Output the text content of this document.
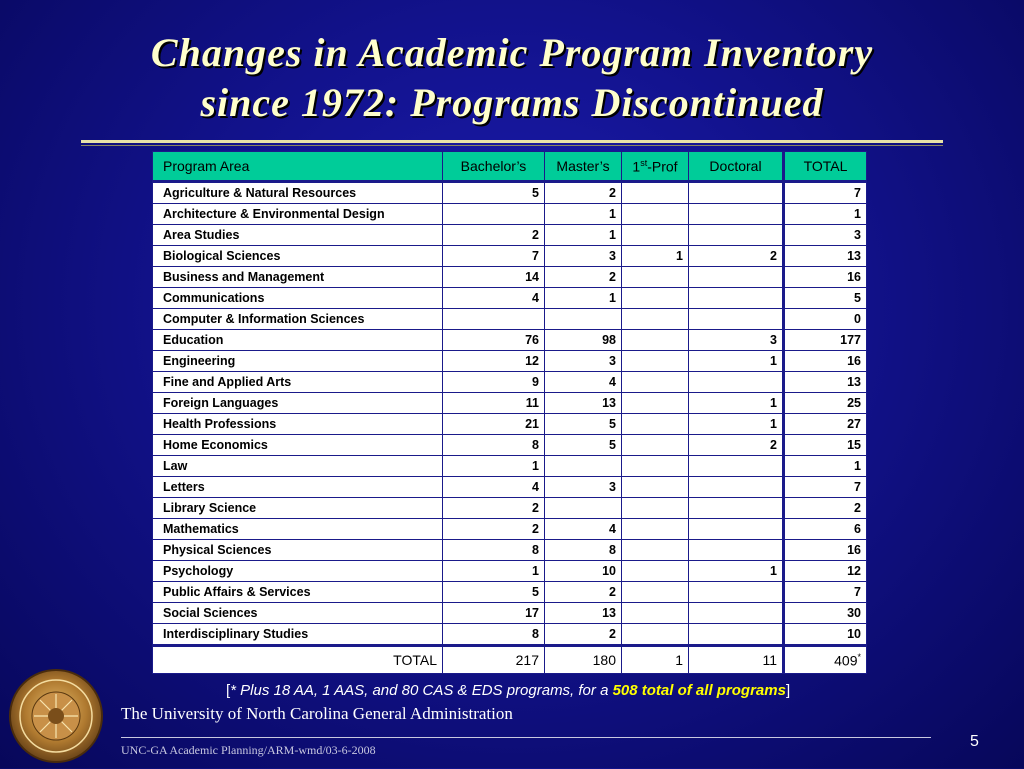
Changes in Academic Program Inventory
since 1972: Programs Discontinued
Program Area	Bachelor’s	Master’s	1st-Prof	Doctoral	TOTAL
Agriculture & Natural Resources	5	2			7
Architecture & Environmental Design		1			1
Area Studies	2	1			3
Biological Sciences	7	3	1	2	13
Business and Management	14	2			16
Communications	4	1			5
Computer & Information Sciences					0
Education	76	98		3	177
Engineering	12	3		1	16
Fine and Applied Arts	9	4			13
Foreign Languages	11	13		1	25
Health Professions	21	5		1	27
Home Economics	8	5		2	15
Law	1				1
Letters	4	3			7
Library Science	2				2
Mathematics	2	4			6
Physical Sciences	8	8			16
Psychology	1	10		1	12
Public Affairs & Services	5	2			7
Social Sciences	17	13			30
Interdisciplinary Studies	8	2			10
TOTAL	217	180	1	11	409*
[* Plus 18 AA, 1 AAS, and 80 CAS & EDS programs, for a 508 total of all programs]
The University of North Carolina General Administration
UNC-GA Academic Planning/ARM-wmd/03-6-2008	5
